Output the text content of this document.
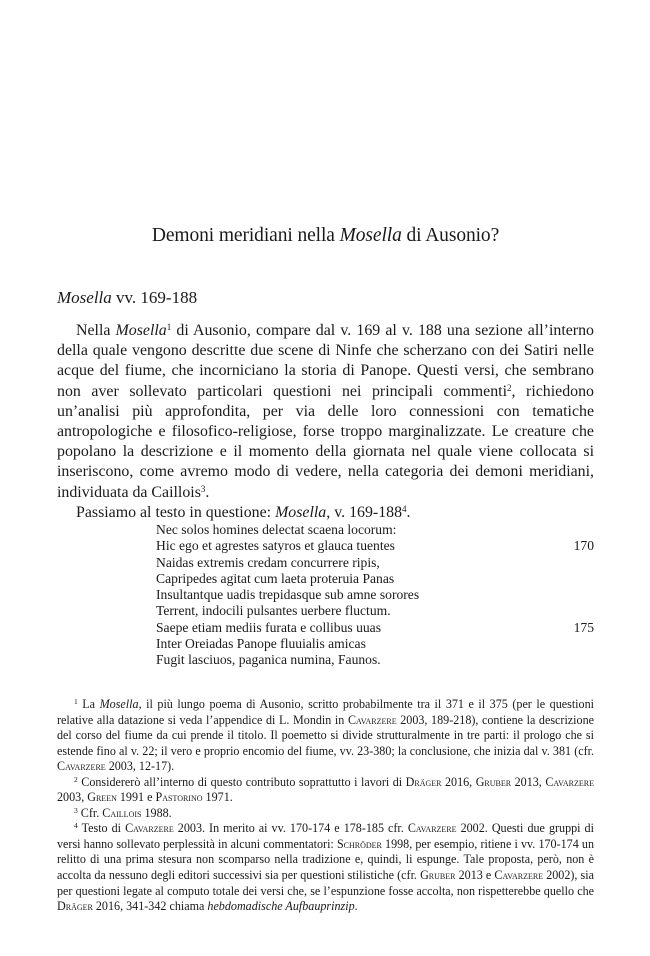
Demoni meridiani nella Mosella di Ausonio?
Mosella vv. 169-188

Nella Mosella$^1$ di Ausonio, compare dal v. 169 al v. 188 una sezione all’interno della quale vengono descritte due scene di Ninfe che scherzano con dei Satiri nelle acque del fiume, che incorniciano la storia di Panope. Questi versi, che sembrano non aver sollevato particolari questioni nei principali commenti$^2$, richiedono un’analisi più approfondita, per via delle loro connessioni con tematiche antropologiche e filosofico-religiose, forse troppo marginalizzate. Le creature che popolano la descrizione e il momento della giornata nel quale viene collocata si inseriscono, come avremo modo di vedere, nella categoria dei demoni meridiani, individuata da Caillois$^3$.

Passiamo al testo in questione: Mosella, v. $169-188^4$.

Nec solos homines delectat scaena locorum:
Hic ego et agrestes satyros et glauca tuentes	170
Naidas extremis credam concurrere ripis,
Capripedes agitat cum laeta proteruia Panas
Insultantque uadis trepidasque sub amne sorores
Terrent, indocili pulsantes uerbere fluctum.
Saepe etiam mediis furata e collibus uuas	175
Inter Oreiadas Panope fluuialis amicas
Fugit lasciuos, paganica numina, Faunos.

$^1$ La Mosella, il più lungo poema di Ausonio, scritto probabilmente tra il 371 e il 375 (per le questioni relative alla datazione si veda l’appendice di L. Mondin in Cavarzere 2003, 189-218), contiene la descrizione del corso del fiume da cui prende il titolo. Il poemetto si divide strutturalmente in tre parti: il prologo che si estende fino al v. 22; il vero e proprio encomio del fiume, vv. 23-380; la conclusione, che inizia dal v. 381 (cfr. Cavarzere 2003, 12-17).

$^2$ Considererò all’interno di questo contributo soprattutto i lavori di Dräger 2016, Gruber 2013, Cavarzere 2003, Green 1991 e Pastorino 1971.

$^3$ Cfr. Caillois 1988.

$^4$ Testo di Cavarzere 2003. In merito ai vv. 170-174 e 178-185 cfr. Cavarzere 2002. Questi due gruppi di versi hanno sollevato perplessità in alcuni commentatori: Schröder 1998, per esempio, ritiene i vv. 170-174 un relitto di una prima stesura non scomparso nella tradizione e, quindi, li espunge. Tale proposta, però, non è accolta da nessuno degli editori successivi sia per questioni stilistiche (cfr. Gruber 2013 e Cavarzere 2002), sia per questioni legate al computo totale dei versi che, se l’espunzione fosse accolta, non rispetterebbe quello che Dräger 2016, 341-342 chiama hebdomadische Aufbauprinzip.
